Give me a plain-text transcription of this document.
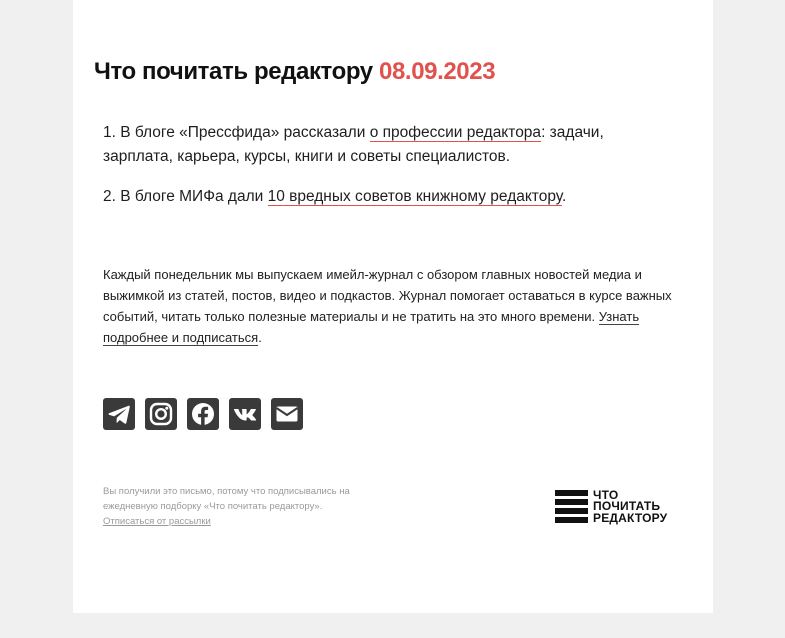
Что почитать редактору 08.09.2023

1. В блоге «Прессфида» рассказали о профессии редактора: задачи, зарплата, карьера, курсы, книги и советы специалистов.

2. В блоге МИФа дали 10 вредных советов книжному редактору.

Каждый понедельник мы выпускаем имейл-журнал с обзором главных новостей медиа и выжимкой из статей, постов, видео и подкастов. Журнал помогает оставаться в курсе важных событий, читать только полезные материалы и не тратить на это много времени. Узнать подробнее и подписаться.

Вы получили это письмо, потому что подписывались на ежедневную подборку «Что почитать редактору».
Отписаться от рассылки
ЧТО
ПОЧИТАТЬ
РЕДАКТОРУ
